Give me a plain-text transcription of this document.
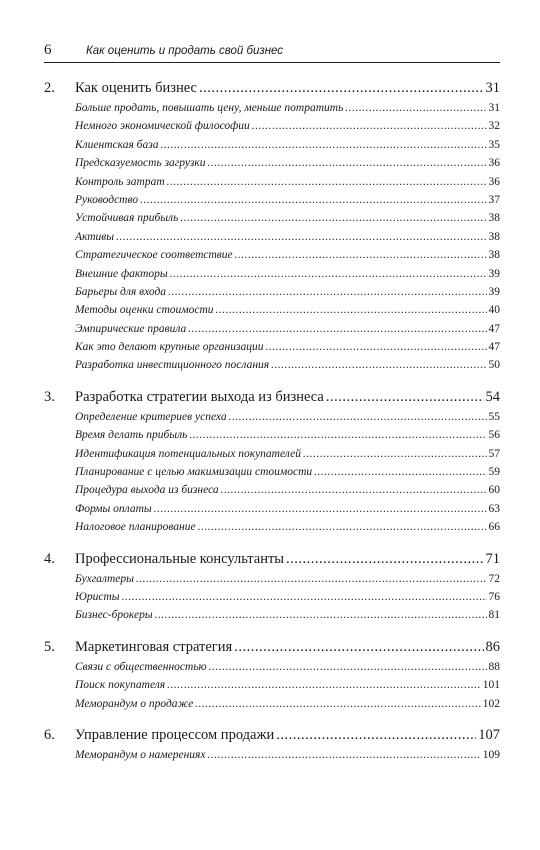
6	Как оценить и продать свой бизнес
2.	Как оценить бизнес .....	31
Больше продать, повышать цену, меньше потратить .....	31
Немного экономической философии .....	32
Клиентская база .....	35
Предсказуемость загрузки .....	36
Контроль затрат .....	36
Руководство .....	37
Устойчивая прибыль .....	38
Активы .....	38
Стратегическое соответствие .....	38
Внешние факторы .....	39
Барьеры для входа .....	39
Методы оценки стоимости .....	40
Эмпирические правила .....	47
Как это делают крупные организации .....	47
Разработка инвестиционного послания .....	50
3.	Разработка стратегии выхода из бизнеса .....	54
Определение критериев успеха .....	55
Время делать прибыль .....	56
Идентификация потенциальных покупателей .....	57
Планирование с целью макимизации стоимости .....	59
Процедура выхода из бизнеса .....	60
Формы оплаты .....	63
Налоговое планирование .....	66
4.	Профессиональные консультанты .....	71
Бухгалтеры .....	72
Юристы .....	76
Бизнес-брокеры .....	81
5.	Маркетинговая стратегия .....	86
Связи с общественностью .....	88
Поиск покупателя .....	101
Меморандум о продаже .....	102
6.	Управление процессом продажи .....	107
Меморандум о намерениях .....	109
